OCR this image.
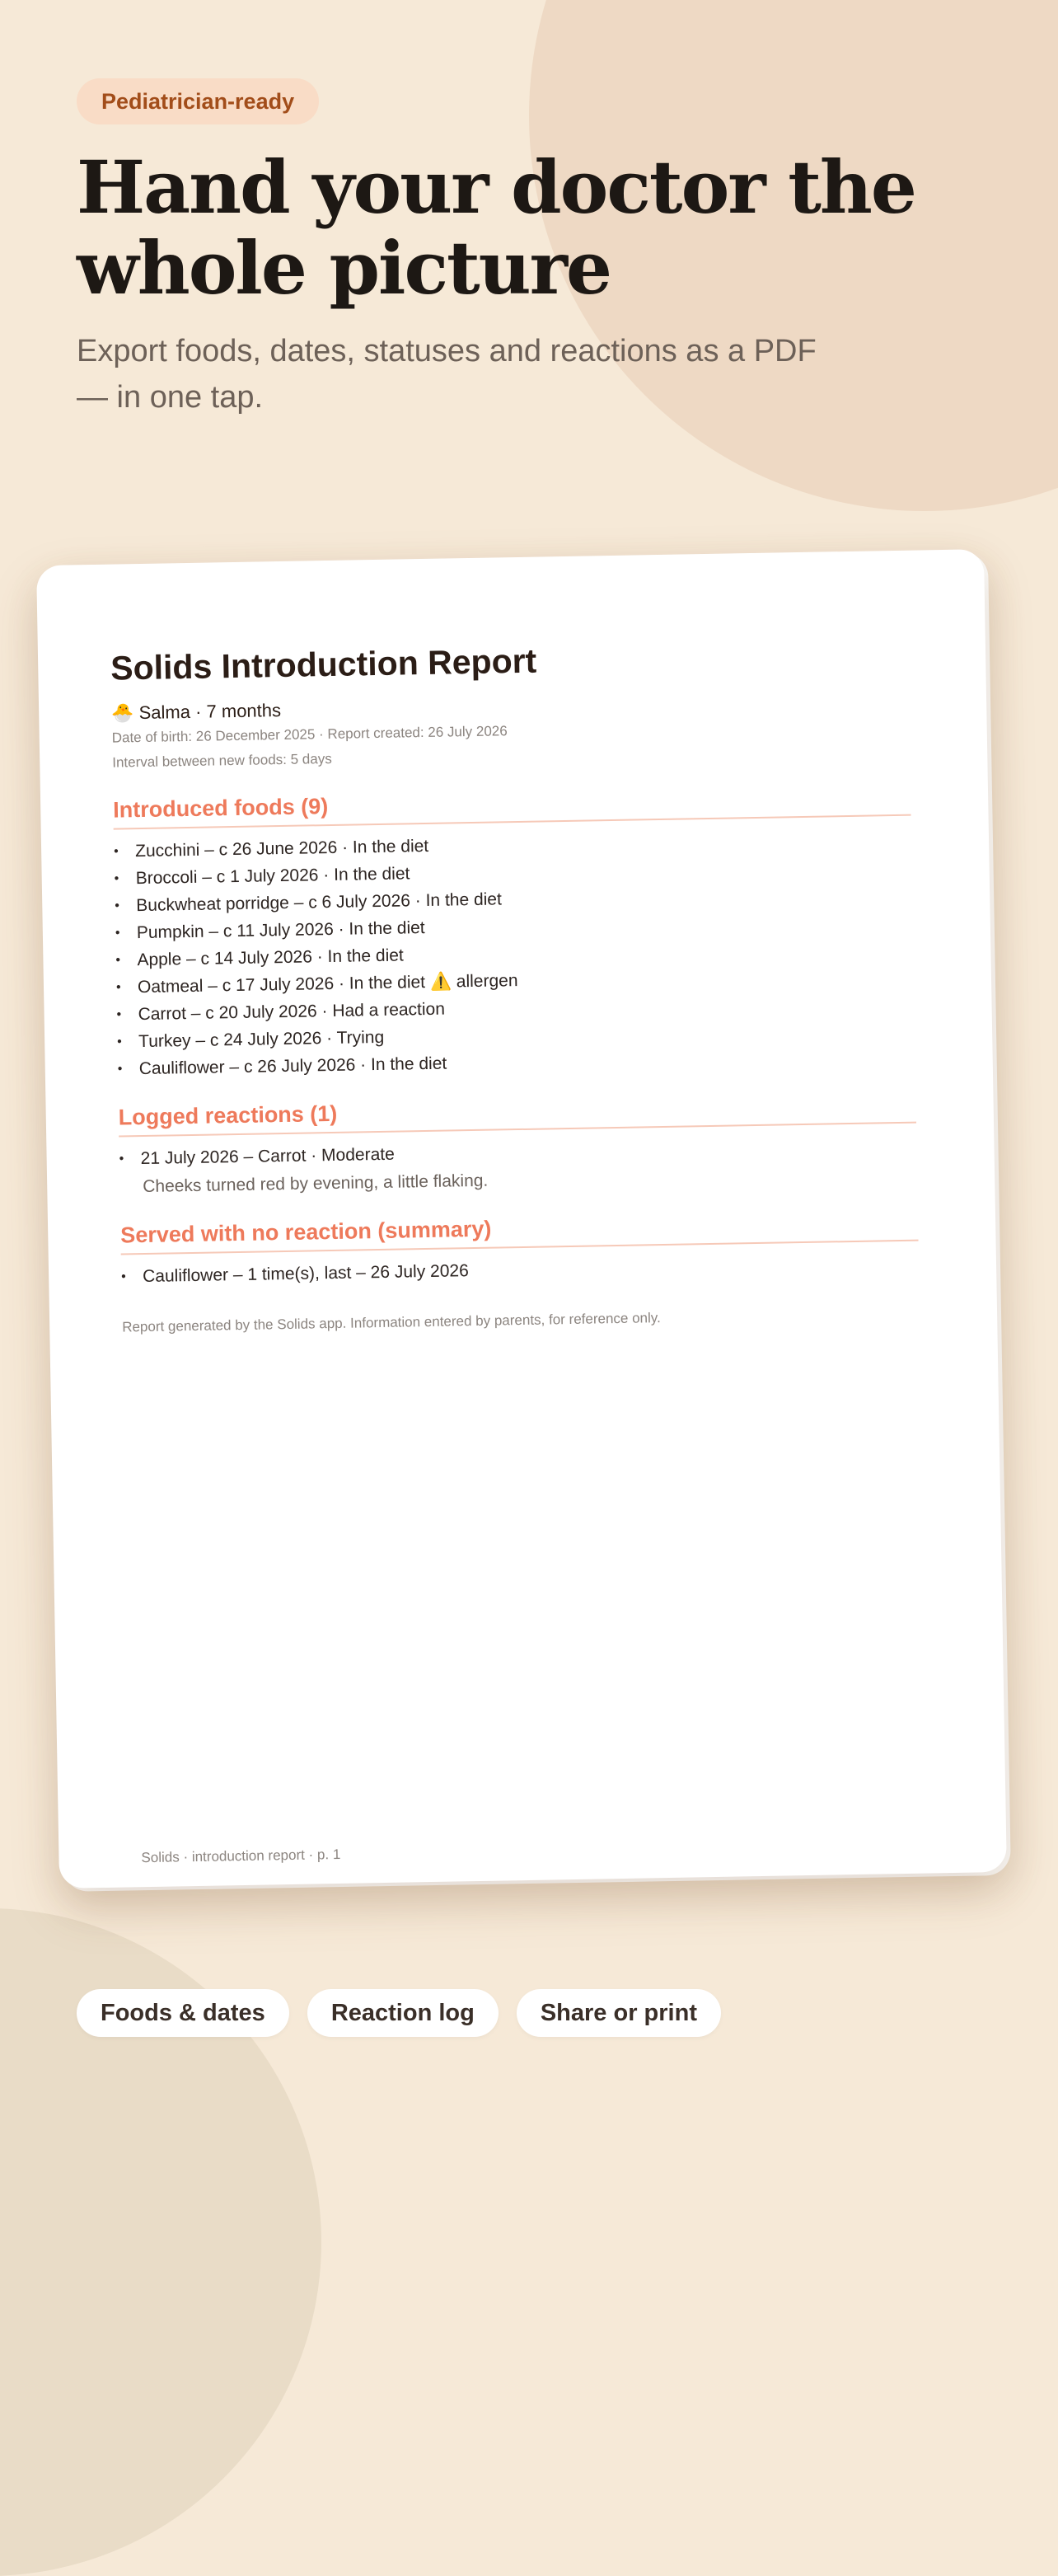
Pediatrician-ready
Hand your doctor the
whole picture

Export foods, dates, statuses and reactions as a PDF
— in one tap.

Solids Introduction Report
🐣 Salma · 7 months
Date of birth: 26 December 2025 · Report created: 26 July 2026
Interval between new foods: 5 days
Introduced foods (9)
• Zucchini – c 26 June 2026 · In the diet
• Broccoli – c 1 July 2026 · In the diet
• Buckwheat porridge – c 6 July 2026 · In the diet
• Pumpkin – c 11 July 2026 · In the diet
• Apple – c 14 July 2026 · In the diet
• Oatmeal – c 17 July 2026 · In the diet ⚠️ allergen
• Carrot – c 20 July 2026 · Had a reaction
• Turkey – c 24 July 2026 · Trying
• Cauliflower – c 26 July 2026 · In the diet
Logged reactions (1)
• 21 July 2026 – Carrot · Moderate
Cheeks turned red by evening, a little flaking.
Served with no reaction (summary)
• Cauliflower – 1 time(s), last – 26 July 2026
Report generated by the Solids app. Information entered by parents, for reference only.
Solids · introduction report · p. 1
Foods & dates	Reaction log	Share or print
